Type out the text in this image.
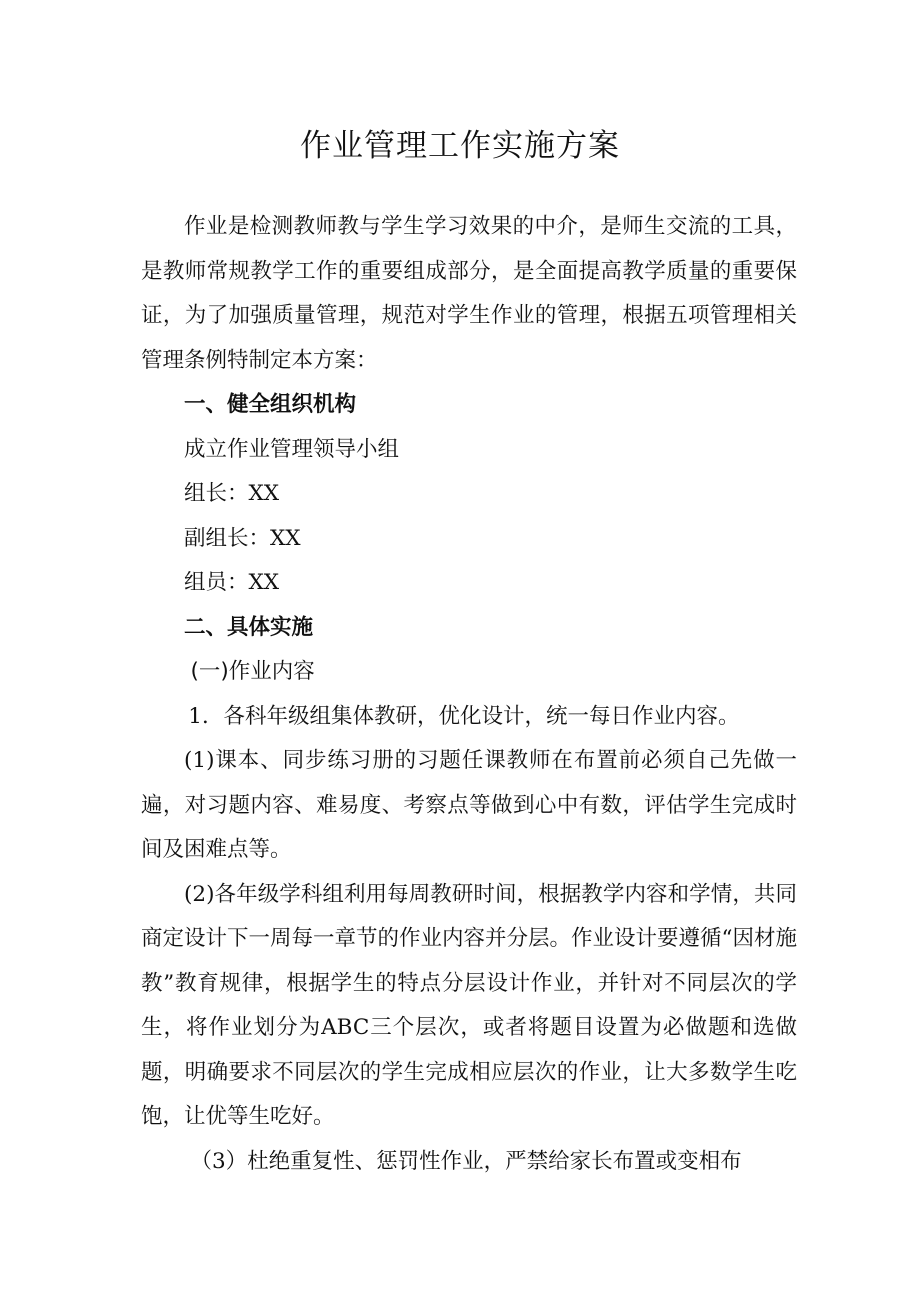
作业管理工作实施方案

作业是检测教师教与学生学习效果的中介，是师生交流的工具，是教师常规教学工作的重要组成部分，是全面提高教学质量的重要保证，为了加强质量管理，规范对学生作业的管理，根据五项管理相关管理条例特制定本方案：

一、健全组织机构

成立作业管理领导小组

组长：XX

副组长：XX

组员：XX

二、具体实施

(一)作业内容

1．各科年级组集体教研，优化设计，统一每日作业内容。

(1)课本、同步练习册的习题任课教师在布置前必须自己先做一遍，对习题内容、难易度、考察点等做到心中有数，评估学生完成时间及困难点等。

(2)各年级学科组利用每周教研时间，根据教学内容和学情，共同商定设计下一周每一章节的作业内容并分层。作业设计要遵循“因材施教”教育规律，根据学生的特点分层设计作业，并针对不同层次的学生，将作业划分为ABC三个层次，或者将题目设置为必做题和选做题，明确要求不同层次的学生完成相应层次的作业，让大多数学生吃饱，让优等生吃好。

（3）杜绝重复性、惩罚性作业，严禁给家长布置或变相布
